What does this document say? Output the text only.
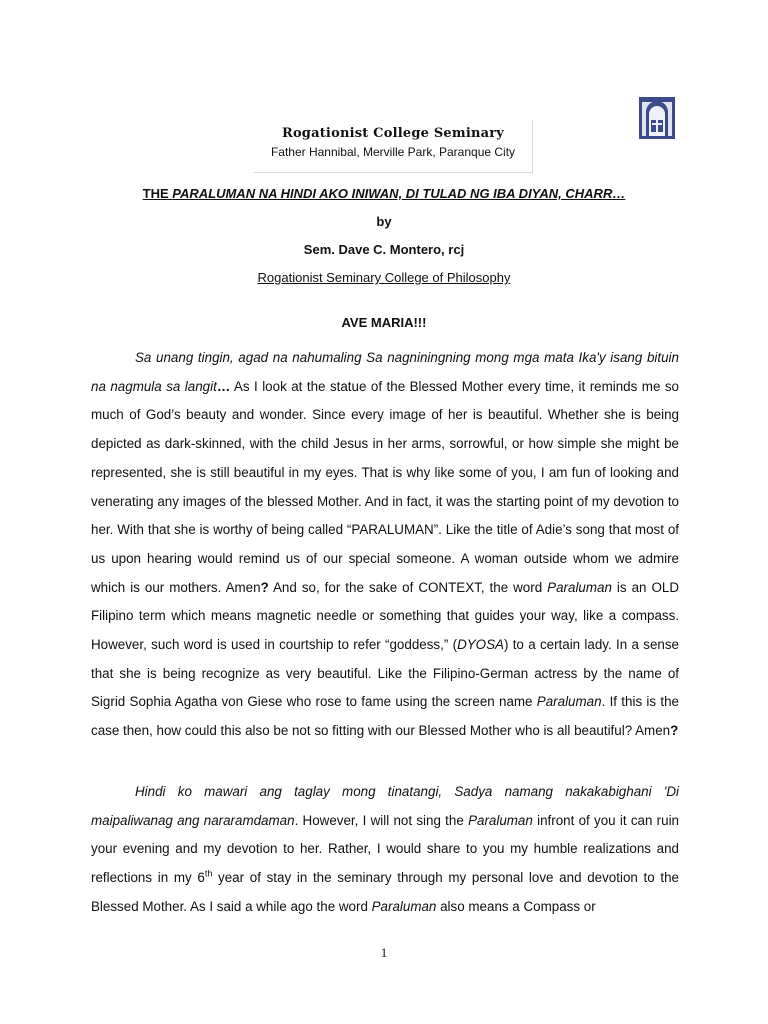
Rogationist College Seminary
Father Hannibal, Merville Park, Paranque City
THE PARALUMAN NA HINDI AKO INIWAN, DI TULAD NG IBA DIYAN, CHARR…
by
Sem. Dave C. Montero, rcj
Rogationist Seminary College of Philosophy
AVE MARIA!!!

Sa unang tingin, agad na nahumaling Sa nagniningning mong mga mata Ika'y isang bituin na nagmula sa langit… As I look at the statue of the Blessed Mother every time, it reminds me so much of God’s beauty and wonder. Since every image of her is beautiful. Whether she is being depicted as dark-skinned, with the child Jesus in her arms, sorrowful, or how simple she might be represented, she is still beautiful in my eyes. That is why like some of you, I am fun of looking and venerating any images of the blessed Mother. And in fact, it was the starting point of my devotion to her. With that she is worthy of being called “PARALUMAN”. Like the title of Adie’s song that most of us upon hearing would remind us of our special someone. A woman outside whom we admire which is our mothers. Amen? And so, for the sake of CONTEXT, the word Paraluman is an OLD Filipino term which means magnetic needle or something that guides your way, like a compass. However, such word is used in courtship to refer “goddess,” (DYOSA) to a certain lady. In a sense that she is being recognize as very beautiful. Like the Filipino-German actress by the name of Sigrid Sophia Agatha von Giese who rose to fame using the screen name Paraluman. If this is the case then, how could this also be not so fitting with our Blessed Mother who is all beautiful? Amen?

Hindi ko mawari ang taglay mong tinatangi, Sadya namang nakakabighani 'Di maipaliwanag ang nararamdaman. However, I will not sing the Paraluman infront of you it can ruin your evening and my devotion to her. Rather, I would share to you my humble realizations and reflections in my 6th year of stay in the seminary through my personal love and devotion to the Blessed Mother. As I said a while ago the word Paraluman also means a Compass or

1
